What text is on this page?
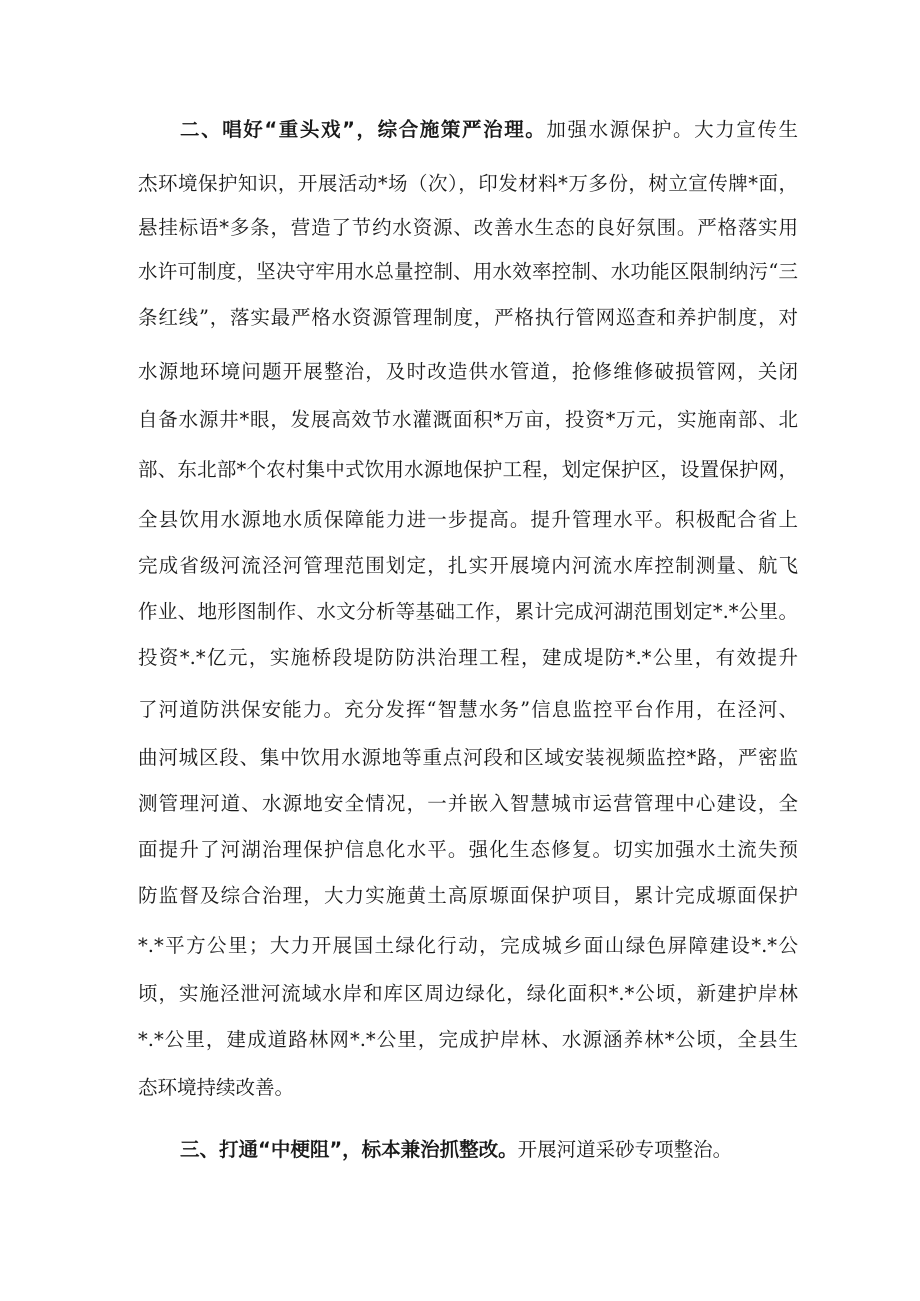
二、唱好“重头戏”，综合施策严治理。加强水源保护。大力宣传生
杰环境保护知识，开展活动*场（次），印发材料*万多份，树立宣传牌*面，
悬挂标语*多条，营造了节约水资源、改善水生态的良好氛围。严格落实用
水许可制度，坚决守牢用水总量控制、用水效率控制、水功能区限制纳污“三
条红线”，落实最严格水资源管理制度，严格执行管网巡查和养护制度，对
水源地环境问题开展整治，及时改造供水管道，抢修维修破损管网，关闭
自备水源井*眼，发展高效节水灌溉面积*万亩，投资*万元，实施南部、北
部、东北部*个农村集中式饮用水源地保护工程，划定保护区，设置保护网，
全县饮用水源地水质保障能力进一步提高。提升管理水平。积极配合省上
完成省级河流泾河管理范围划定，扎实开展境内河流水库控制测量、航飞
作业、地形图制作、水文分析等基础工作，累计完成河湖范围划定*.*公里。
投资*.*亿元，实施桥段堤防防洪治理工程，建成堤防*.*公里，有效提升
了河道防洪保安能力。充分发挥“智慧水务”信息监控平台作用，在泾河、
曲河城区段、集中饮用水源地等重点河段和区域安装视频监控*路，严密监
测管理河道、水源地安全情况，一并嵌入智慧城市运营管理中心建设，全
面提升了河湖治理保护信息化水平。强化生态修复。切实加强水土流失预
防监督及综合治理，大力实施黄土高原塬面保护项目，累计完成塬面保护
*.*平方公里；大力开展国土绿化行动，完成城乡面山绿色屏障建设*.*公
顷，实施泾泄河流域水岸和库区周边绿化，绿化面积*.*公顷，新建护岸林
*.*公里，建成道路林网*.*公里，完成护岸林、水源涵养林*公顷，全县生
态环境持续改善。
三、打通“中梗阻”，标本兼治抓整改。开展河道采砂专项整治。
